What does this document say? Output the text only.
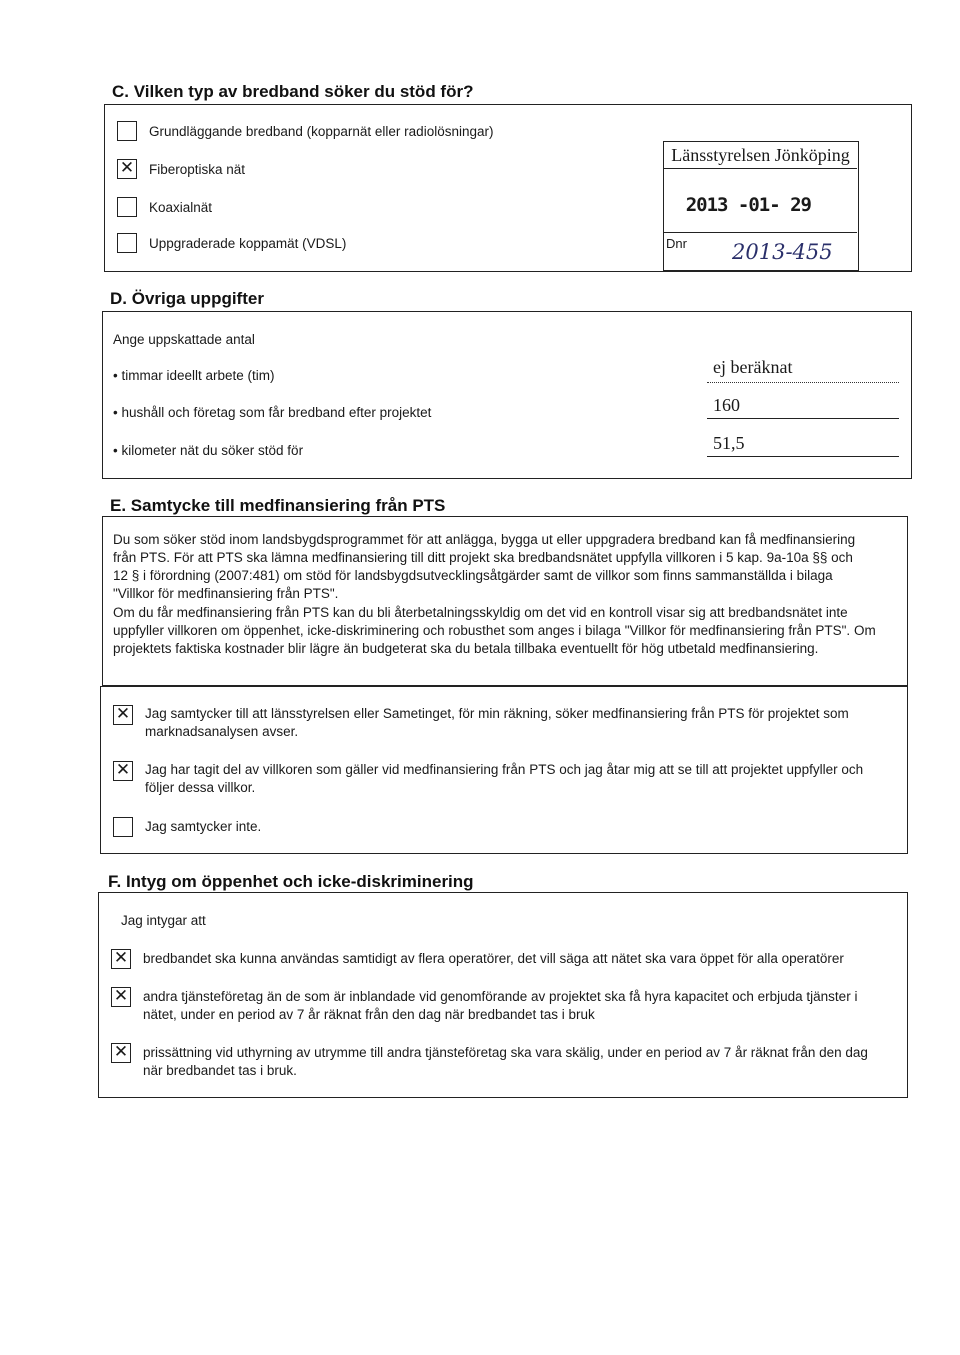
C. Vilken typ av bredband söker du stöd för?
Grundläggande bredband (kopparnät eller radiolösningar)
✕ Fiberoptiska nät
Koaxialnät
Uppgraderade koppamät (VDSL)
Länsstyrelsen Jönköping
2013 -01- 29
Dnr 2013-455
D. Övriga uppgifter
Ange uppskattade antal
• timmar ideellt arbete (tim)	ej beräknat
• hushåll och företag som får bredband efter projektet	160
• kilometer nät du söker stöd för	51,5
E. Samtycke till medfinansiering från PTS
Du som söker stöd inom landsbygdsprogrammet för att anlägga, bygga ut eller uppgradera bredband kan få medfinansiering
från PTS. För att PTS ska lämna medfinansiering till ditt projekt ska bredbandsnätet uppfylla villkoren i 5 kap. 9a-10a §§ och
12 § i förordning (2007:481) om stöd för landsbygdsutvecklingsåtgärder samt de villkor som finns sammanställda i bilaga
"Villkor för medfinansiering från PTS".
Om du får medfinansiering från PTS kan du bli återbetalningsskyldig om det vid en kontroll visar sig att bredbandsnätet inte
uppfyller villkoren om öppenhet, icke-diskriminering och robusthet som anges i bilaga "Villkor för medfinansiering från PTS". Om
projektets faktiska kostnader blir lägre än budgeterat ska du betala tillbaka eventuellt för hög utbetald medfinansiering.
✕ Jag samtycker till att länsstyrelsen eller Sametinget, för min räkning, söker medfinansiering från PTS för projektet som
marknadsanalysen avser.
✕ Jag har tagit del av villkoren som gäller vid medfinansiering från PTS och jag åtar mig att se till att projektet uppfyller och
följer dessa villkor.
Jag samtycker inte.
F. Intyg om öppenhet och icke-diskriminering
Jag intygar att
✕ bredbandet ska kunna användas samtidigt av flera operatörer, det vill säga att nätet ska vara öppet för alla operatörer
✕ andra tjänsteföretag än de som är inblandade vid genomförande av projektet ska få hyra kapacitet och erbjuda tjänster i
nätet, under en period av 7 år räknat från den dag när bredbandet tas i bruk
✕ prissättning vid uthyrning av utrymme till andra tjänsteföretag ska vara skälig, under en period av 7 år räknat från den dag
när bredbandet tas i bruk.
